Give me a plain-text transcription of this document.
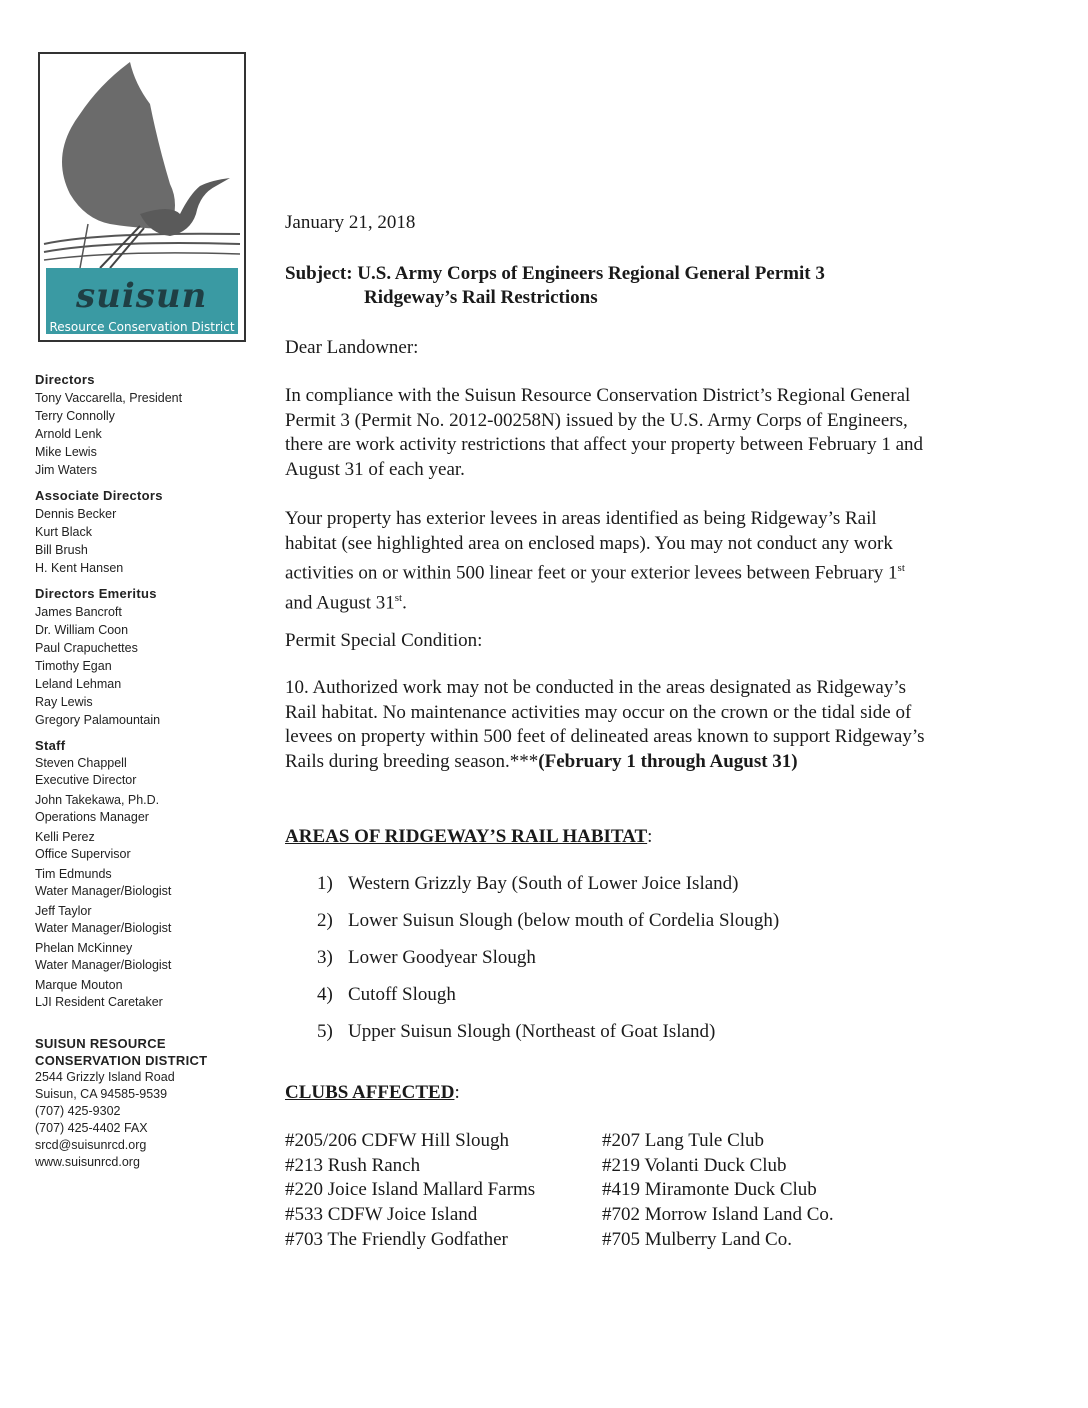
suisun
Resource Conservation District
Directors
Tony Vaccarella, President
Terry Connolly
Arnold Lenk
Mike Lewis
Jim Waters
Associate Directors
Dennis Becker
Kurt Black
Bill Brush
H. Kent Hansen
Directors Emeritus
James Bancroft
Dr. William Coon
Paul Crapuchettes
Timothy Egan
Leland Lehman
Ray Lewis
Gregory Palamountain
Staff
Steven Chappell
Executive Director
John Takekawa, Ph.D.
Operations Manager
Kelli Perez
Office Supervisor
Tim Edmunds
Water Manager/Biologist
Jeff Taylor
Water Manager/Biologist
Phelan McKinney
Water Manager/Biologist
Marque Mouton
LJI Resident Caretaker
SUISUN RESOURCE
CONSERVATION DISTRICT
2544 Grizzly Island Road
Suisun, CA 94585-9539
(707) 425-9302
(707) 425-4402 FAX
srcd@suisunrcd.org
www.suisunrcd.org
January 21, 2018
Subject: U.S. Army Corps of Engineers Regional General Permit 3
Ridgeway’s Rail Restrictions
Dear Landowner:
In compliance with the Suisun Resource Conservation District’s Regional General Permit 3 (Permit No. 2012-00258N) issued by the U.S. Army Corps of Engineers, there are work activity restrictions that affect your property between February 1 and August 31 of each year.
Your property has exterior levees in areas identified as being Ridgeway’s Rail habitat (see highlighted area on enclosed maps). You may not conduct any work activities on or within 500 linear feet or your exterior levees between February 1st and August 31st.
Permit Special Condition:
10. Authorized work may not be conducted in the areas designated as Ridgeway’s Rail habitat. No maintenance activities may occur on the crown or the tidal side of levees on property within 500 feet of delineated areas known to support Ridgeway’s Rails during breeding season.***(February 1 through August 31)
AREAS OF RIDGEWAY’S RAIL HABITAT:
1) Western Grizzly Bay (South of Lower Joice Island)
2) Lower Suisun Slough (below mouth of Cordelia Slough)
3) Lower Goodyear Slough
4) Cutoff Slough
5) Upper Suisun Slough (Northeast of Goat Island)
CLUBS AFFECTED:
#205/206 CDFW Hill Slough	#207 Lang Tule Club
#213 Rush Ranch	#219 Volanti Duck Club
#220 Joice Island Mallard Farms	#419 Miramonte Duck Club
#533 CDFW Joice Island	#702 Morrow Island Land Co.
#703 The Friendly Godfather	#705 Mulberry Land Co.
